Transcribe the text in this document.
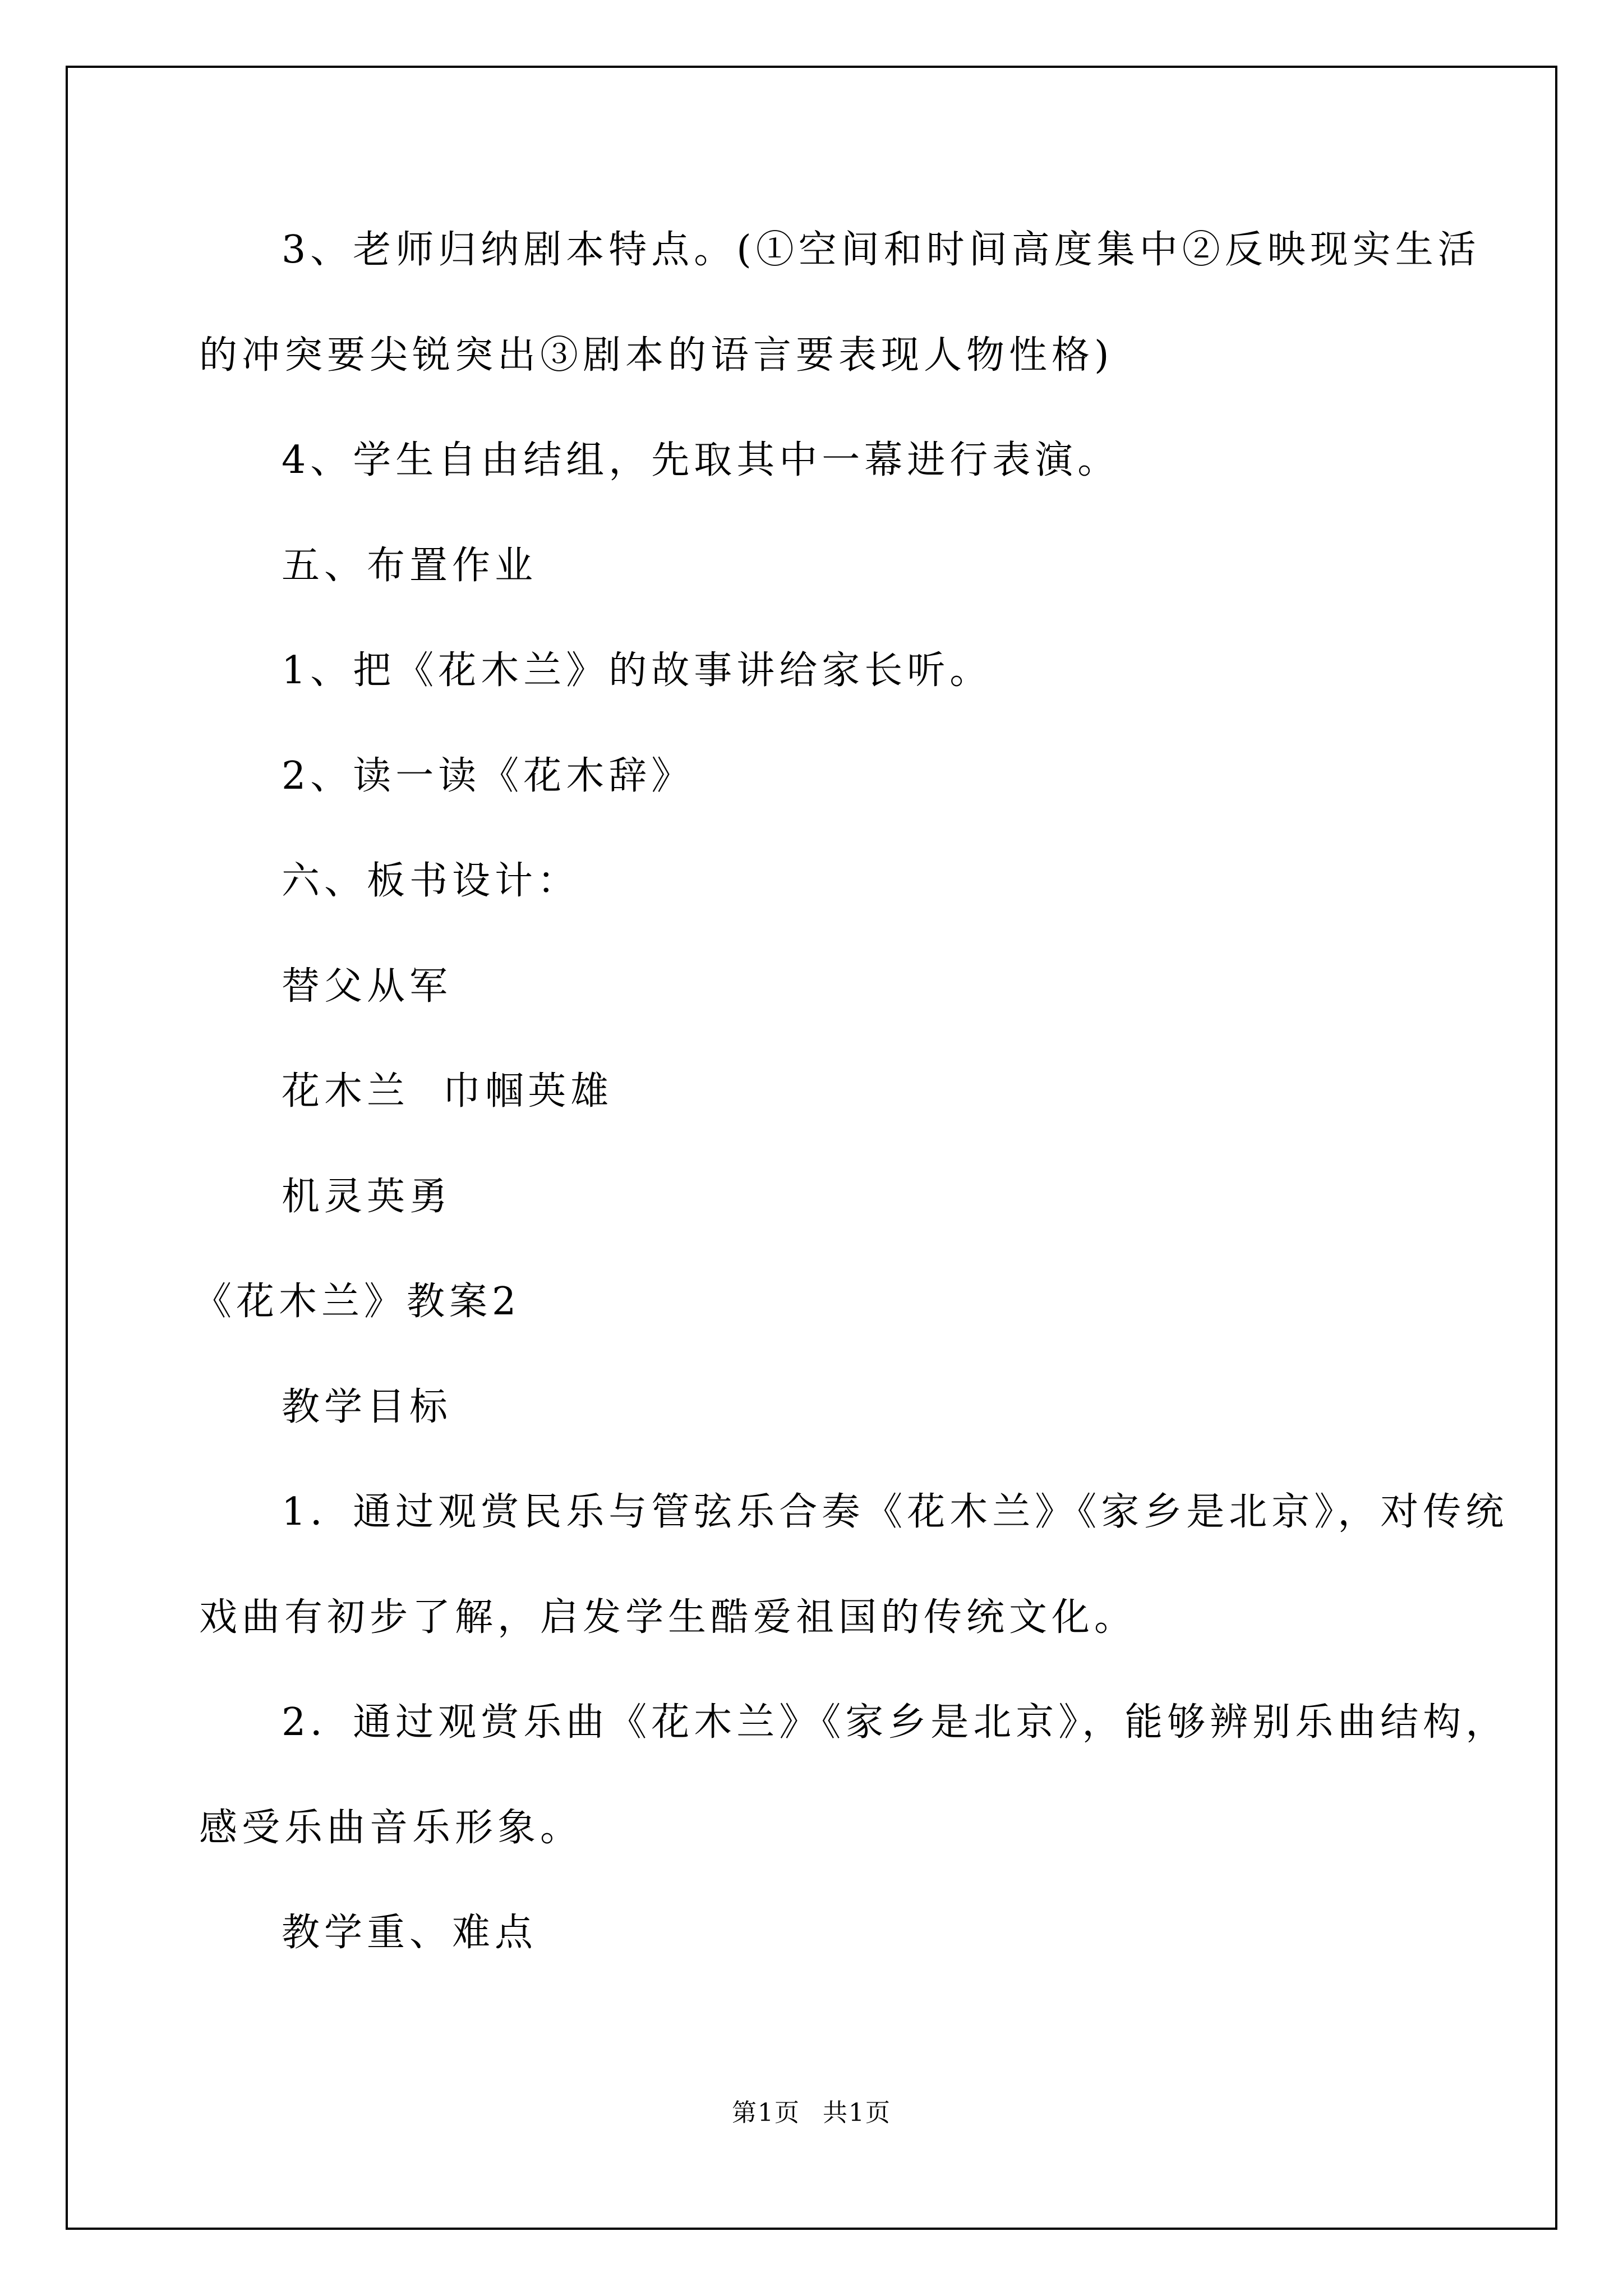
3、老师归纳剧本特点。(①空间和时间高度集中②反映现实生活
的冲突要尖锐突出③剧本的语言要表现人物性格)
4、学生自由结组，先取其中一幕进行表演。
五、布置作业
1、把《花木兰》的故事讲给家长听。
2、读一读《花木辞》
六、板书设计：
替父从军
花木兰  巾帼英雄
机灵英勇
《花木兰》教案2
教学目标
1．通过观赏民乐与管弦乐合奏《花木兰》《家乡是北京》，对传统
戏曲有初步了解，启发学生酷爱祖国的传统文化。
2．通过观赏乐曲《花木兰》《家乡是北京》，能够辨别乐曲结构，
感受乐曲音乐形象。
教学重、难点
第1页 共1页
